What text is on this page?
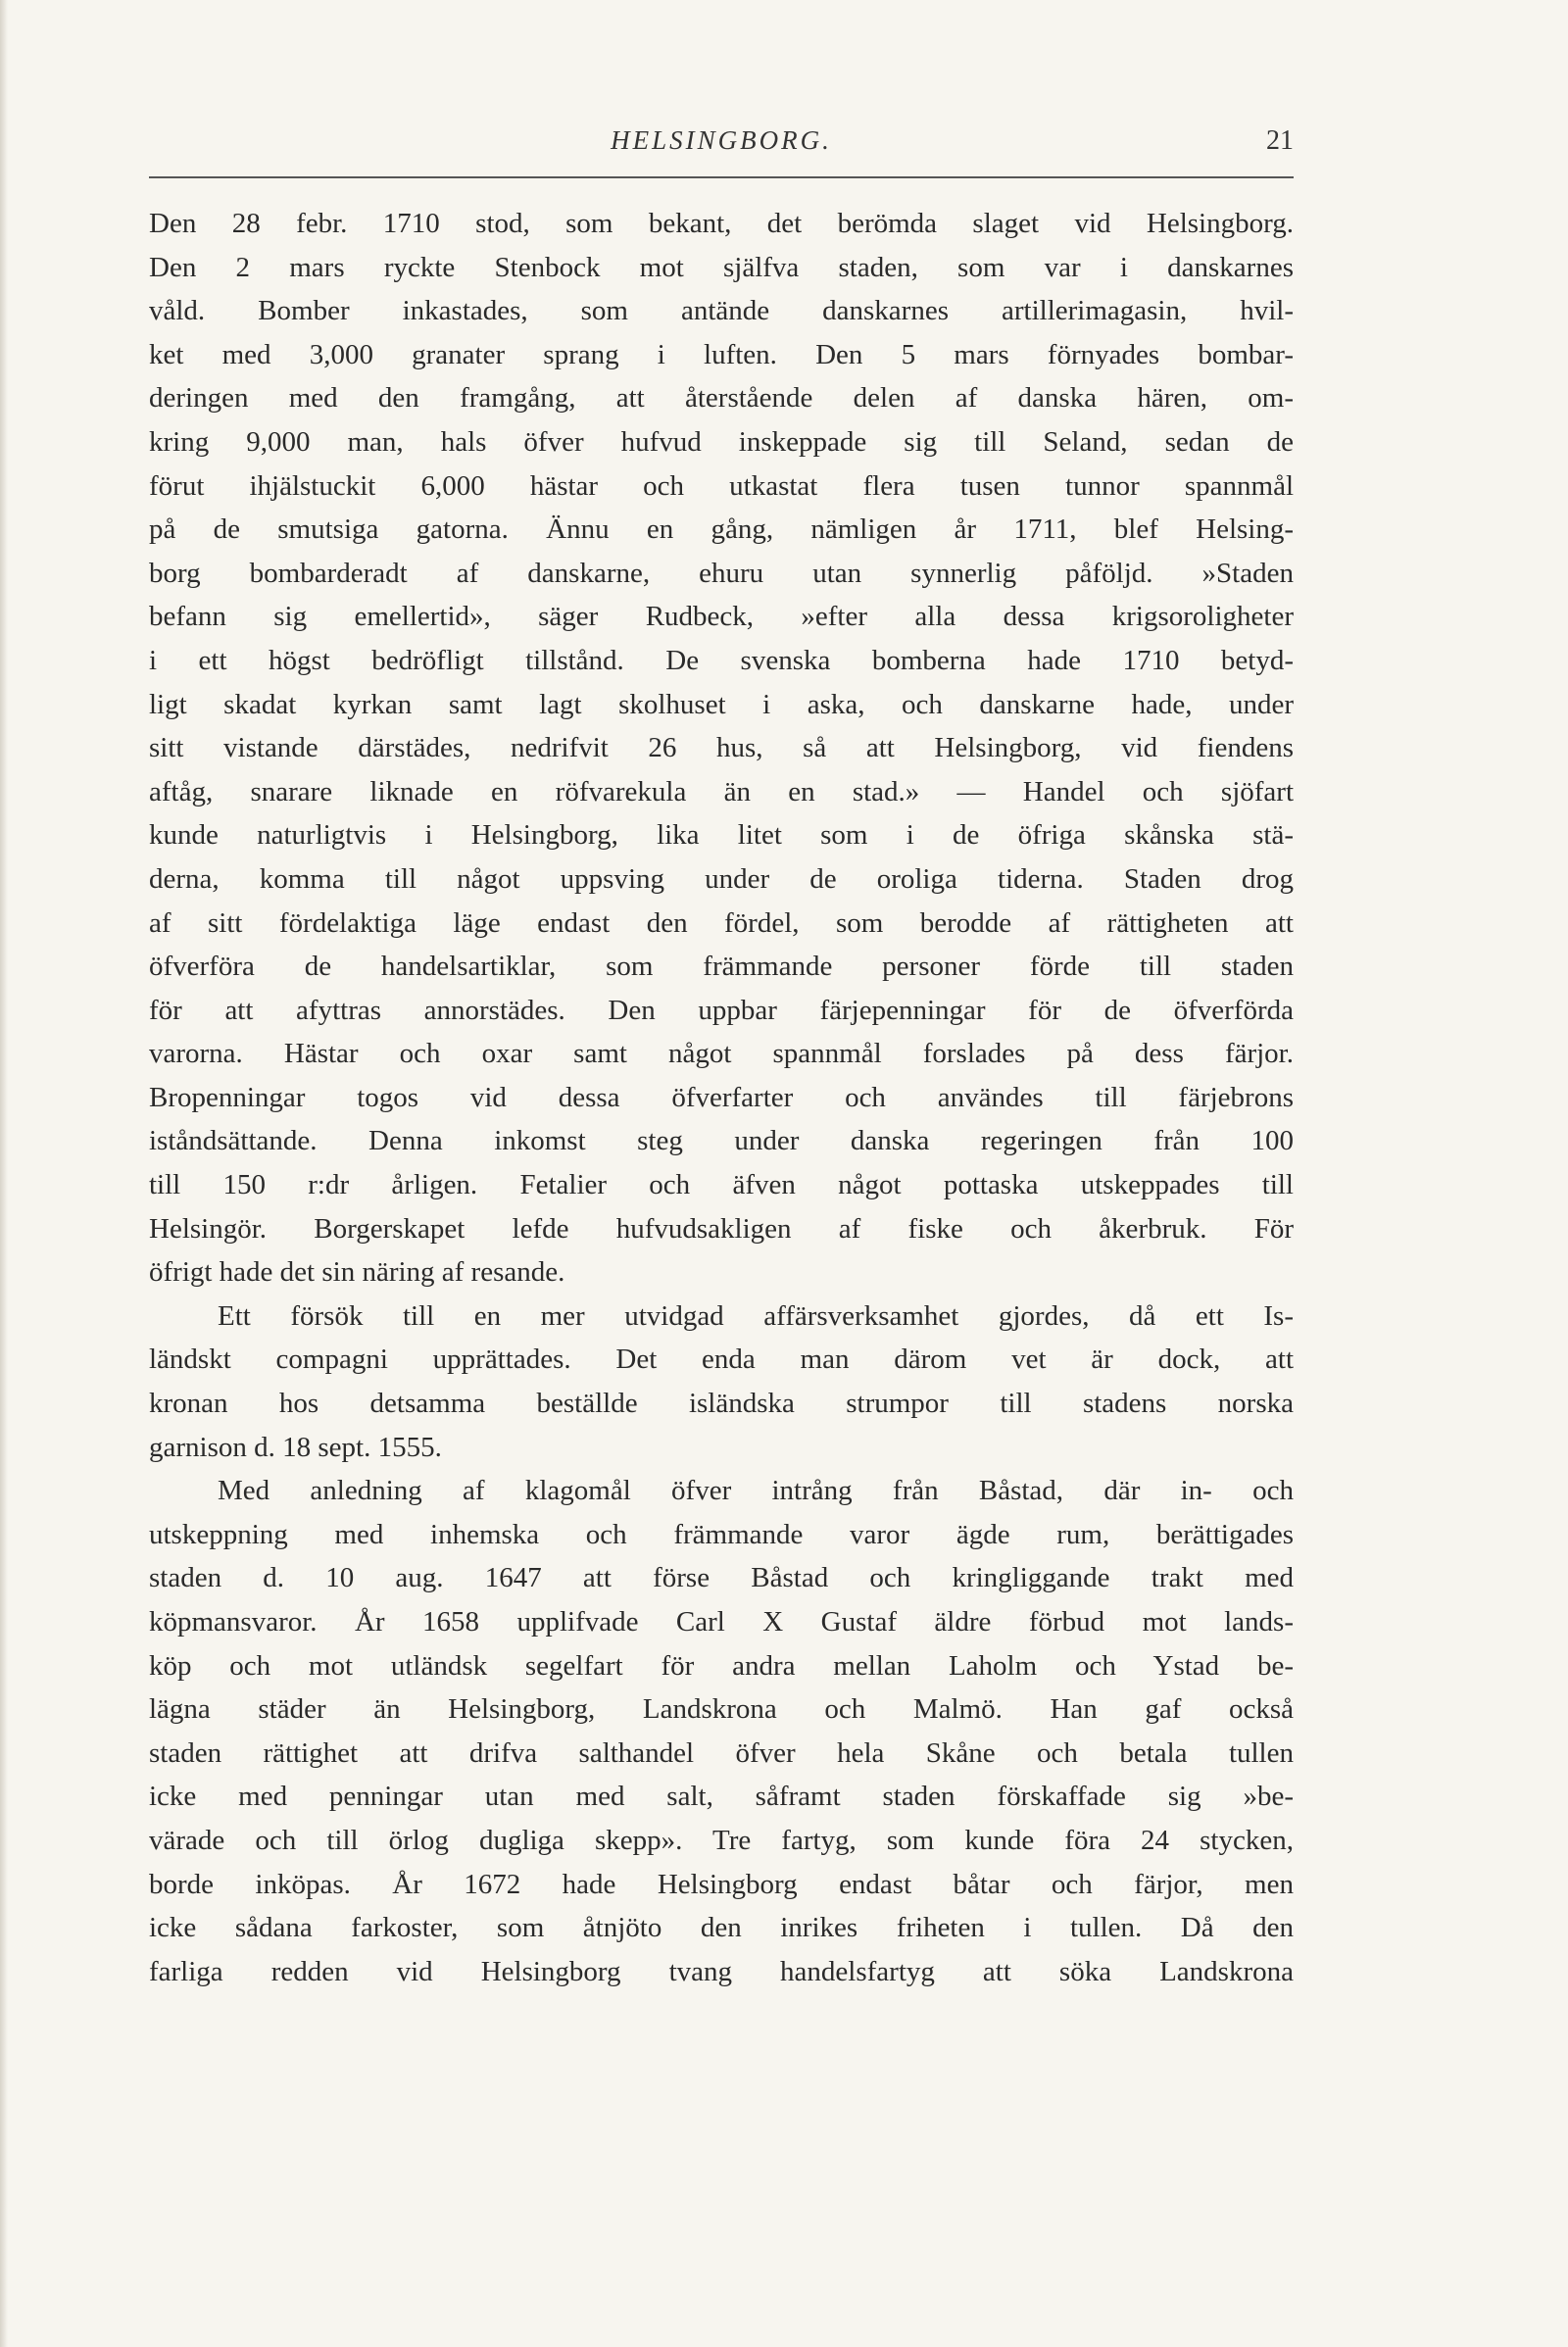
HELSINGBORG.	21
Den 28 febr. 1710 stod, som bekant, det berömda slaget vid Helsingborg.
Den 2 mars ryckte Stenbock mot själfva staden, som var i danskarnes
våld. Bomber inkastades, som antände danskarnes artillerimagasin, hvil-
ket med 3,000 granater sprang i luften. Den 5 mars förnyades bombar-
deringen med den framgång, att återstående delen af danska hären, om-
kring 9,000 man, hals öfver hufvud inskeppade sig till Seland, sedan de
förut ihjälstuckit 6,000 hästar och utkastat flera tusen tunnor spannmål
på de smutsiga gatorna. Ännu en gång, nämligen år 1711, blef Helsing-
borg bombarderadt af danskarne, ehuru utan synnerlig påföljd. »Staden
befann sig emellertid», säger Rudbeck, »efter alla dessa krigsoroligheter
i ett högst bedröfligt tillstånd. De svenska bomberna hade 1710 betyd-
ligt skadat kyrkan samt lagt skolhuset i aska, och danskarne hade, under
sitt vistande därstädes, nedrifvit 26 hus, så att Helsingborg, vid fiendens
aftåg, snarare liknade en röfvarekula än en stad.» — Handel och sjöfart
kunde naturligtvis i Helsingborg, lika litet som i de öfriga skånska stä-
derna, komma till något uppsving under de oroliga tiderna. Staden drog
af sitt fördelaktiga läge endast den fördel, som berodde af rättigheten att
öfverföra de handelsartiklar, som främmande personer förde till staden
för att afyttras annorstädes. Den uppbar färjepenningar för de öfverförda
varorna. Hästar och oxar samt något spannmål forslades på dess färjor.
Bropenningar togos vid dessa öfverfarter och användes till färjebrons
iståndsättande. Denna inkomst steg under danska regeringen från 100
till 150 r:dr årligen. Fetalier och äfven något pottaska utskeppades till
Helsingör. Borgerskapet lefde hufvudsakligen af fiske och åkerbruk. För
öfrigt hade det sin näring af resande.
Ett försök till en mer utvidgad affärsverksamhet gjordes, då ett Is-
ländskt compagni upprättades. Det enda man därom vet är dock, att
kronan hos detsamma beställde isländska strumpor till stadens norska
garnison d. 18 sept. 1555.
Med anledning af klagomål öfver intrång från Båstad, där in- och
utskeppning med inhemska och främmande varor ägde rum, berättigades
staden d. 10 aug. 1647 att förse Båstad och kringliggande trakt med
köpmansvaror. År 1658 upplifvade Carl X Gustaf äldre förbud mot lands-
köp och mot utländsk segelfart för andra mellan Laholm och Ystad be-
lägna städer än Helsingborg, Landskrona och Malmö. Han gaf också
staden rättighet att drifva salthandel öfver hela Skåne och betala tullen
icke med penningar utan med salt, såframt staden förskaffade sig »be-
värade och till örlog dugliga skepp». Tre fartyg, som kunde föra 24 stycken,
borde inköpas. År 1672 hade Helsingborg endast båtar och färjor, men
icke sådana farkoster, som åtnjöto den inrikes friheten i tullen. Då den
farliga redden vid Helsingborg tvang handelsfartyg att söka Landskrona
